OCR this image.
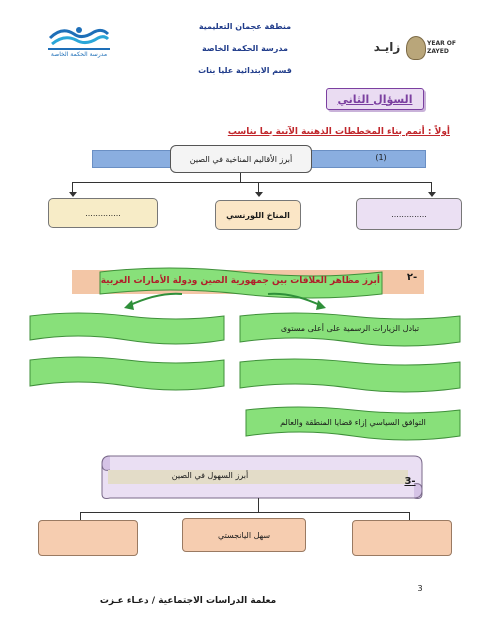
مدرسة الحكمة الخاصة
منطقة عجمان التعليمية
مدرسة الحكمة الخاصة
قسم الابتدائية عليا بنات
زايـد	YEAR OF ZAYED
السؤال الثاني
أولاً : أتمم بناء المخططات الذهنية الآتية بما يناسب
أبرز الأقاليم المناخية في الصين	(1)
..............	المناخ اللورنسي	..............
-٢
أبرز مظاهر العلاقات بين جمهورية الصين ودولة الأمارات العربية
تبادل الزيارات الرسمية على أعلى مستوى
التوافق السياسي إزاء قضايا المنطقة والعالم
أبرز السهول في الصين
-3
سهل اليانجستي
3
معلمة الدراسات الاجتماعية / دعـاء عـزت
